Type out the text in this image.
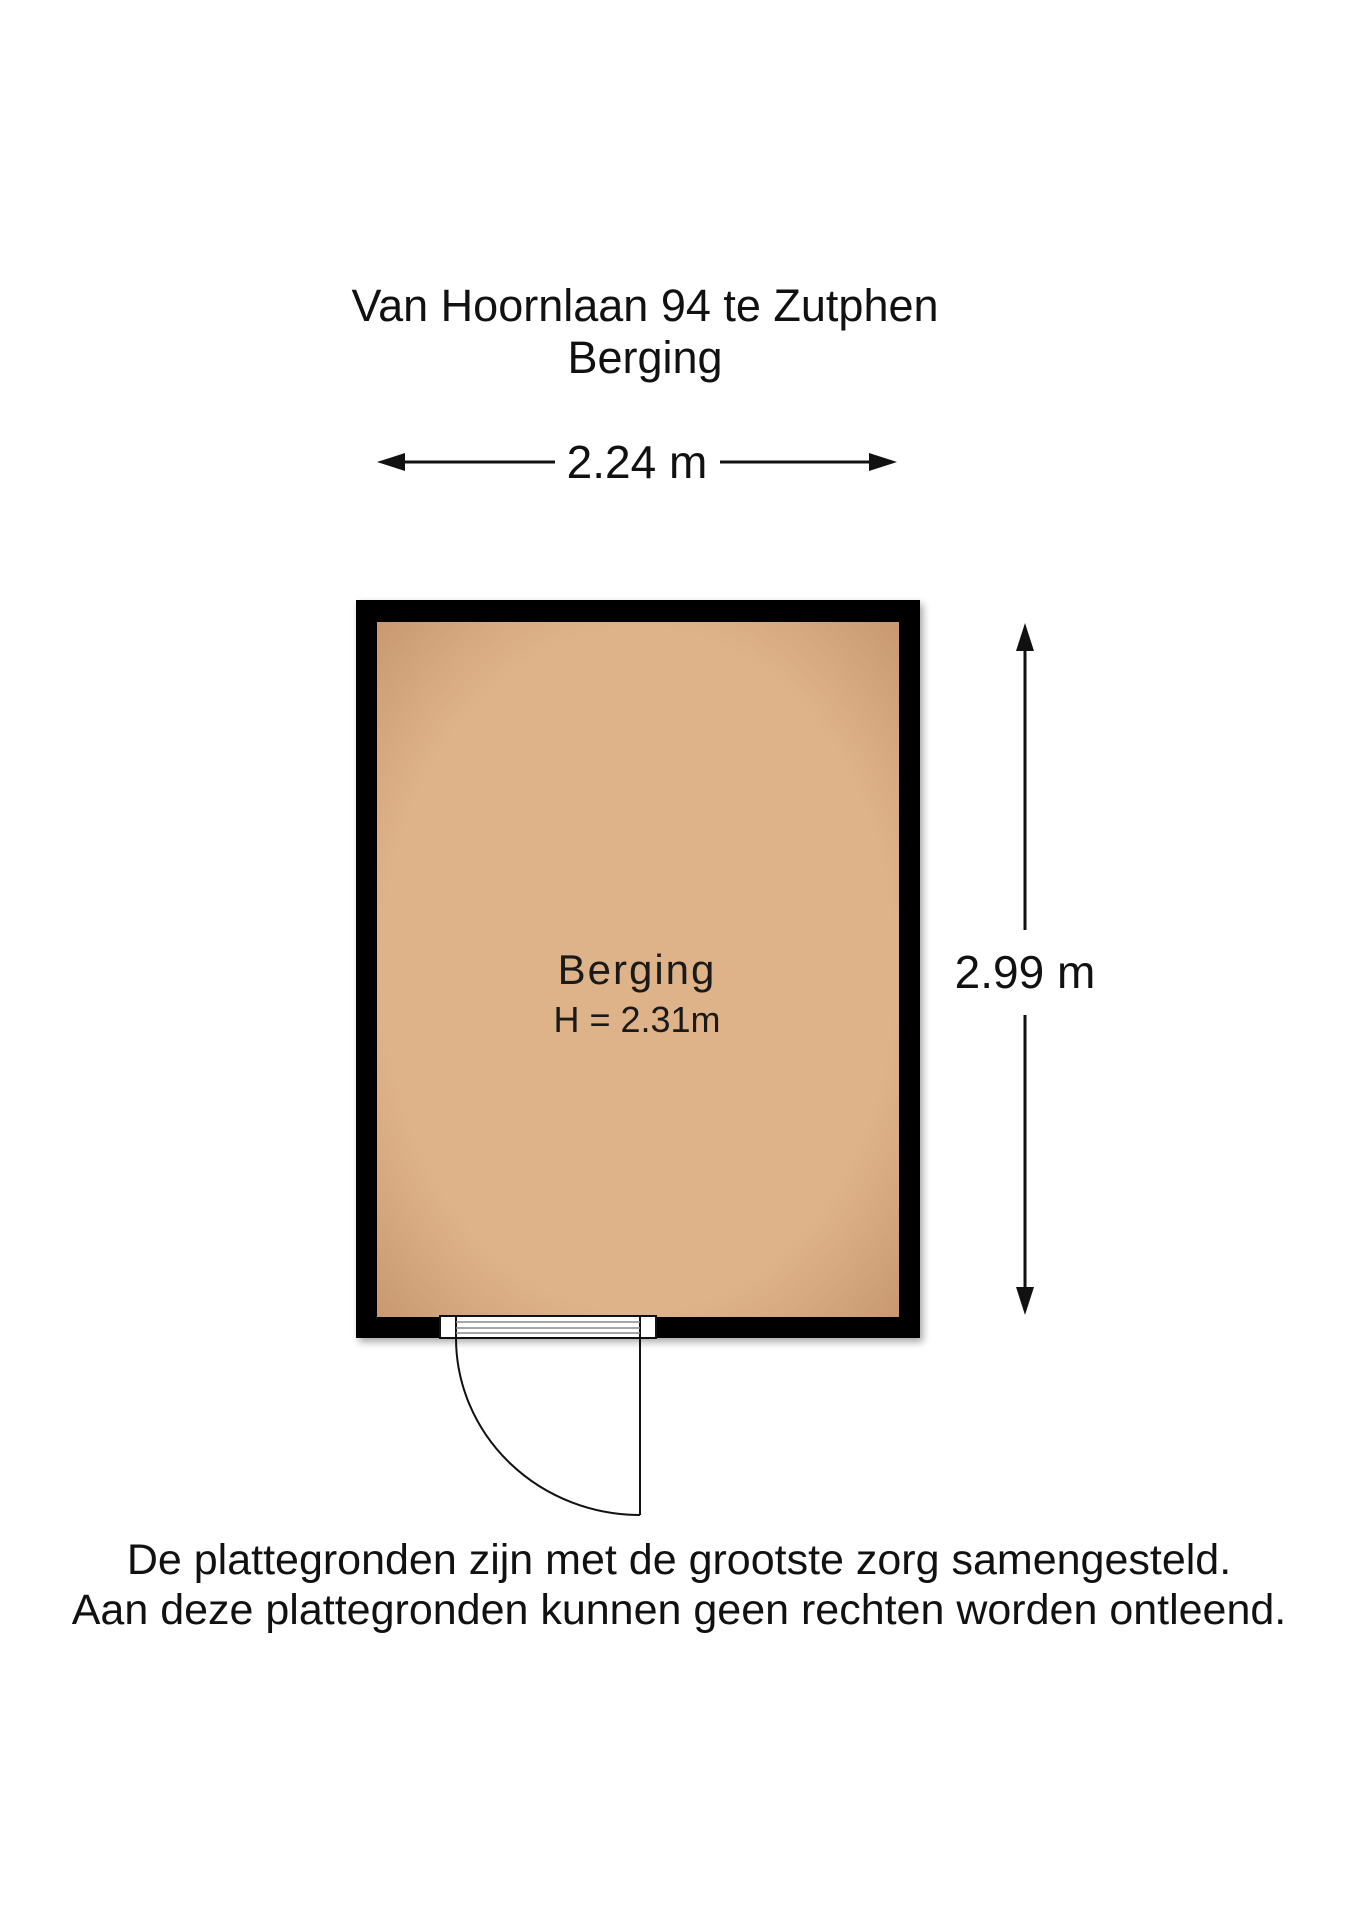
Van Hoornlaan 94 te Zutphen
Berging
2.24 m
Berging
H = 2.31m
2.99 m
De plattegronden zijn met de grootste zorg samengesteld.
Aan deze plattegronden kunnen geen rechten worden ontleend.
